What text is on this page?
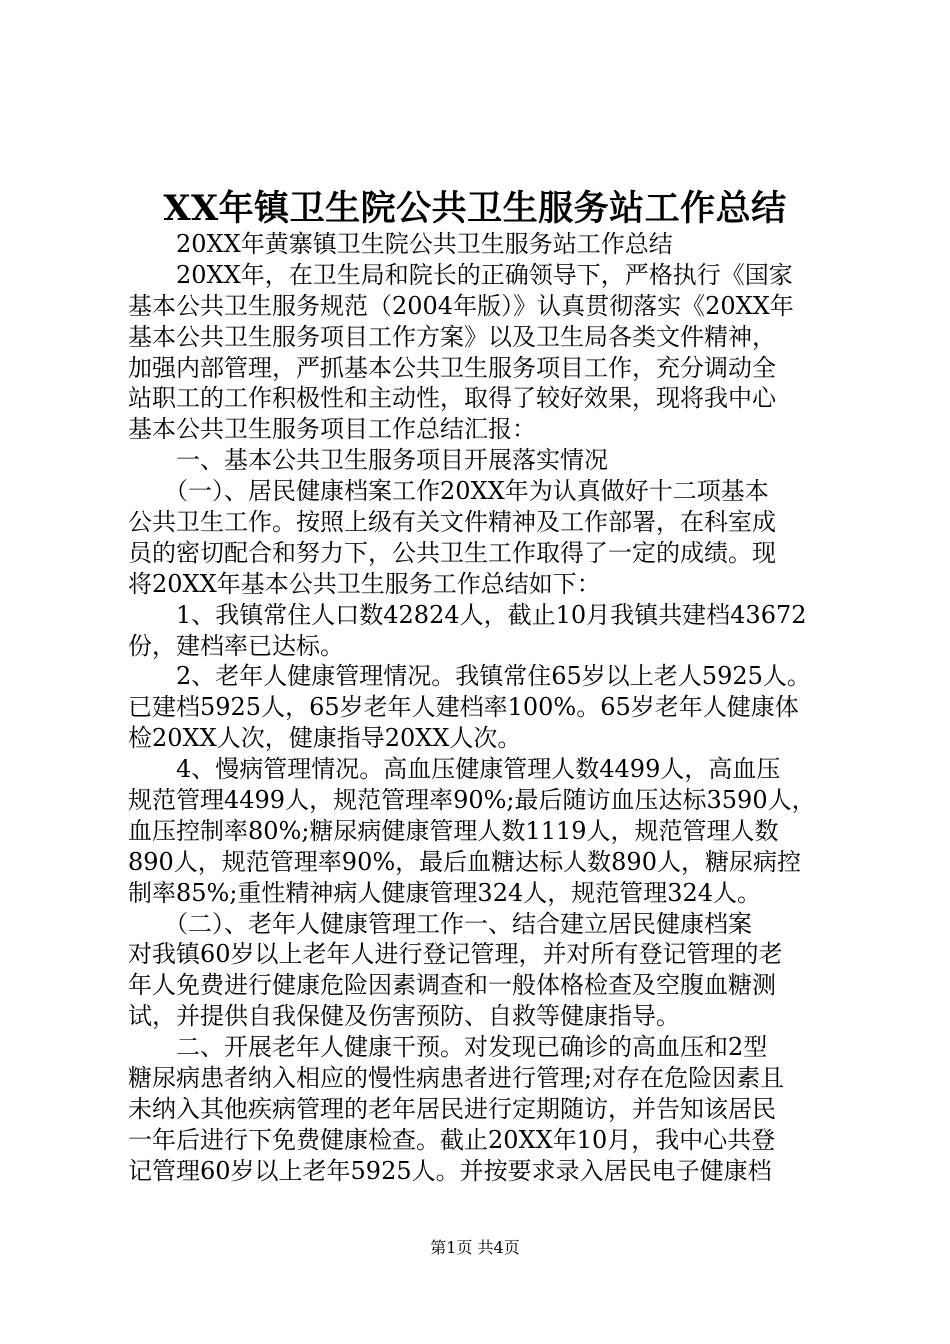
XX年镇卫生院公共卫生服务站工作总结
　　20XX年黄寨镇卫生院公共卫生服务站工作总结
　　20XX年，在卫生局和院长的正确领导下，严格执行《国家
基本公共卫生服务规范（2004年版）》认真贯彻落实《20XX年
基本公共卫生服务项目工作方案》以及卫生局各类文件精神，
加强内部管理，严抓基本公共卫生服务项目工作，充分调动全
站职工的工作积极性和主动性，取得了较好效果，现将我中心
基本公共卫生服务项目工作总结汇报：
　　一、基本公共卫生服务项目开展落实情况
　　（一）、居民健康档案工作20XX年为认真做好十二项基本
公共卫生工作。按照上级有关文件精神及工作部署，在科室成
员的密切配合和努力下，公共卫生工作取得了一定的成绩。现
将20XX年基本公共卫生服务工作总结如下：
　　1、我镇常住人口数42824人，截止10月我镇共建档43672
份，建档率已达标。
　　2、老年人健康管理情况。我镇常住65岁以上老人5925人。
已建档5925人，65岁老年人建档率100%。65岁老年人健康体
检20XX人次，健康指导20XX人次。
　　4、慢病管理情况。高血压健康管理人数4499人，高血压
规范管理4499人，规范管理率90%;最后随访血压达标3590人，
血压控制率80%;糖尿病健康管理人数1119人，规范管理人数
890人，规范管理率90%，最后血糖达标人数890人，糖尿病控
制率85%;重性精神病人健康管理324人，规范管理324人。
　　（二）、老年人健康管理工作一、结合建立居民健康档案
对我镇60岁以上老年人进行登记管理，并对所有登记管理的老
年人免费进行健康危险因素调查和一般体格检查及空腹血糖测
试，并提供自我保健及伤害预防、自救等健康指导。
　　二、开展老年人健康干预。对发现已确诊的高血压和2型
糖尿病患者纳入相应的慢性病患者进行管理;对存在危险因素且
未纳入其他疾病管理的老年居民进行定期随访，并告知该居民
一年后进行下免费健康检查。截止20XX年10月，我中心共登
记管理60岁以上老年5925人。并按要求录入居民电子健康档
第1页 共4页
